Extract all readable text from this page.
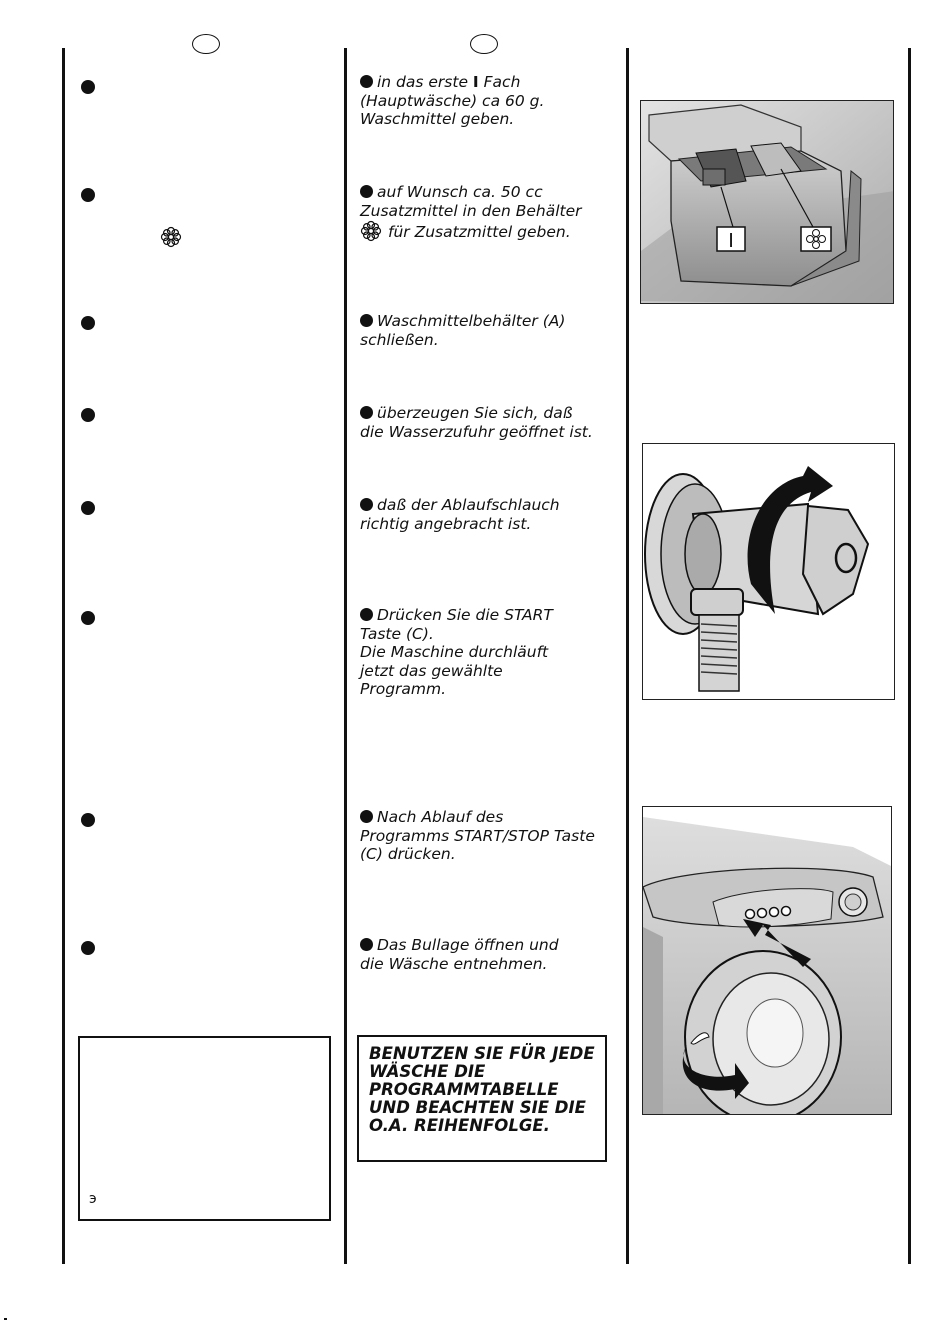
in das erste I Fach
(Hauptwäsche) ca 60 g.
Waschmittel geben.
auf Wunsch ca. 50 cc
Zusatzmittel in den Behälter
für Zusatzmittel geben.
Waschmittelbehälter (A)
schließen.
überzeugen Sie sich, daß
die Wasserzufuhr geöffnet ist.
daß der Ablaufschlauch
richtig angebracht ist.
Drücken Sie die START
Taste (C).
Die Maschine durchläuft
jetzt das gewählte
Programm.
Nach Ablauf des
Programms START/STOP Taste
(C) drücken.
Das Bullage öffnen und
die Wäsche entnehmen.
э
BENUTZEN SIE FÜR JEDE
WÄSCHE DIE
PROGRAMMTABELLE
UND BEACHTEN SIE DIE
O.A. REIHENFOLGE.
I
